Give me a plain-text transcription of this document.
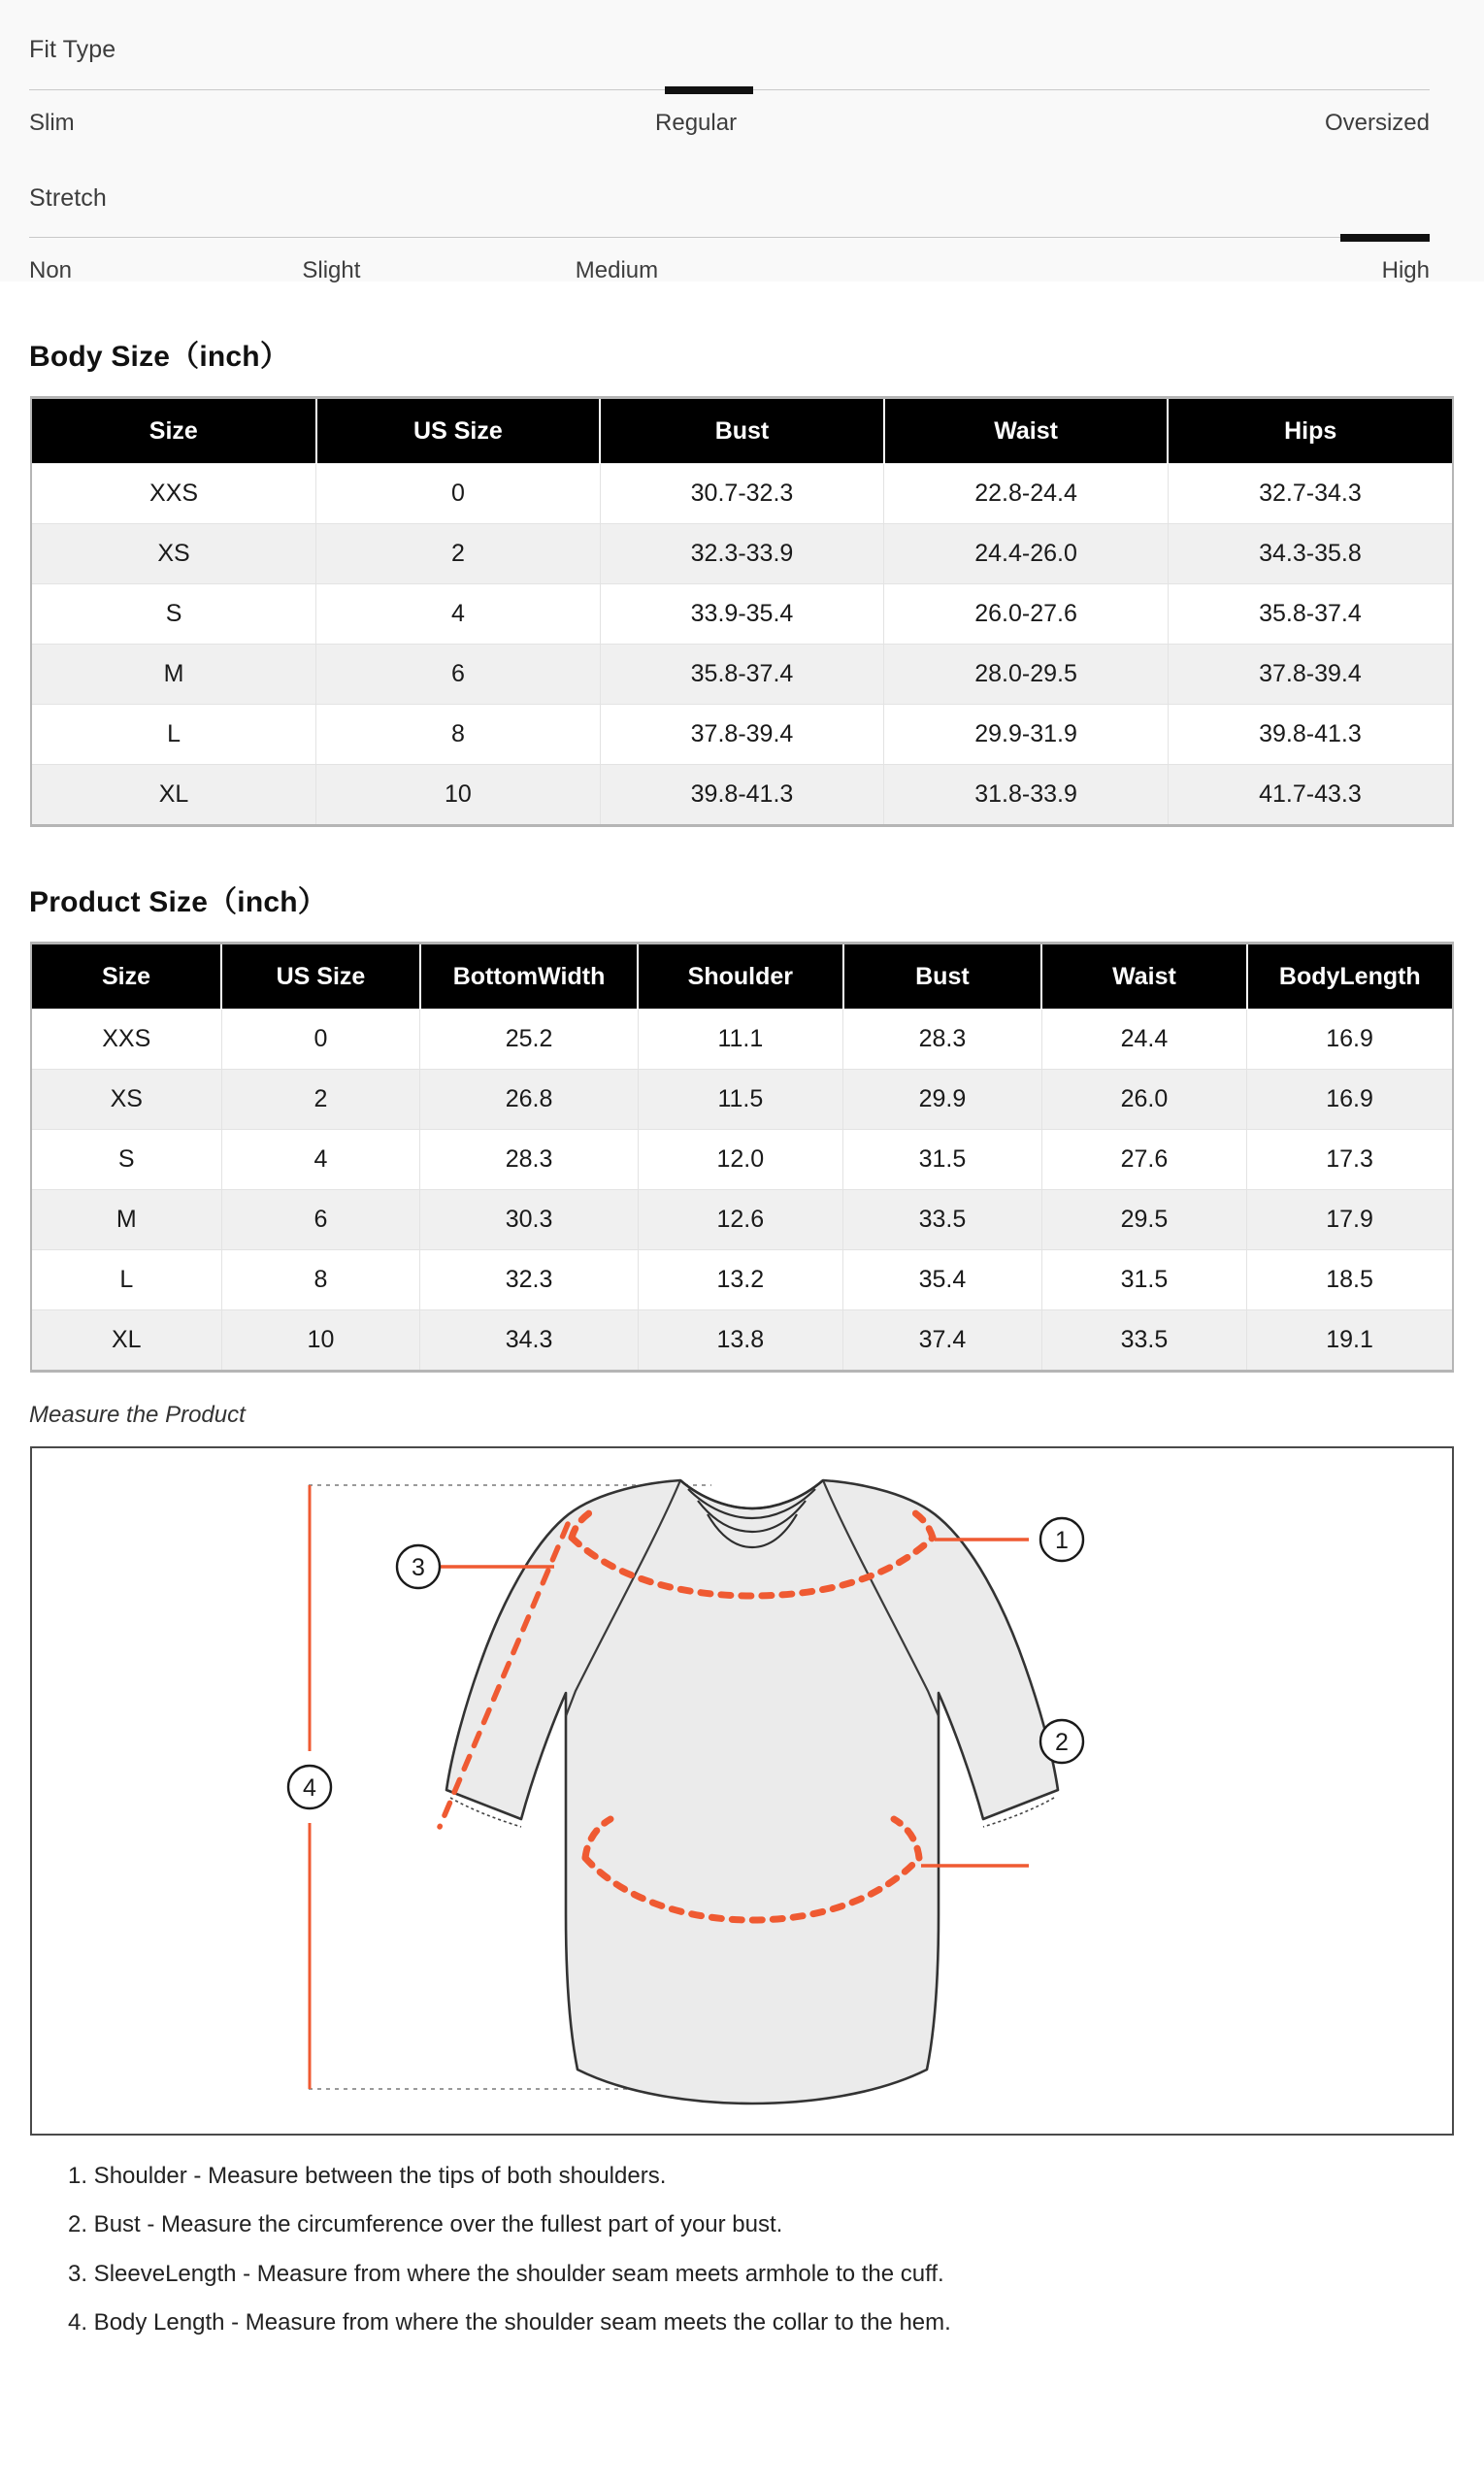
Fit Type
Slim	Regular	Oversized
Stretch
Non	Slight	Medium	High
Body Size（inch）
Size	US Size	Bust	Waist	Hips
XXS	0	30.7-32.3	22.8-24.4	32.7-34.3
XS	2	32.3-33.9	24.4-26.0	34.3-35.8
S	4	33.9-35.4	26.0-27.6	35.8-37.4
M	6	35.8-37.4	28.0-29.5	37.8-39.4
L	8	37.8-39.4	29.9-31.9	39.8-41.3
XL	10	39.8-41.3	31.8-33.9	41.7-43.3
Product Size（inch）
Size	US Size	BottomWidth	Shoulder	Bust	Waist	BodyLength
XXS	0	25.2	11.1	28.3	24.4	16.9
XS	2	26.8	11.5	29.9	26.0	16.9
S	4	28.3	12.0	31.5	27.6	17.3
M	6	30.3	12.6	33.5	29.5	17.9
L	8	32.3	13.2	35.4	31.5	18.5
XL	10	34.3	13.8	37.4	33.5	19.1
Measure the Product
1
2
3
4
1. Shoulder - Measure between the tips of both shoulders.
2. Bust - Measure the circumference over the fullest part of your bust.
3. SleeveLength - Measure from where the shoulder seam meets armhole to the cuff.
4. Body Length - Measure from where the shoulder seam meets the collar to the hem.
